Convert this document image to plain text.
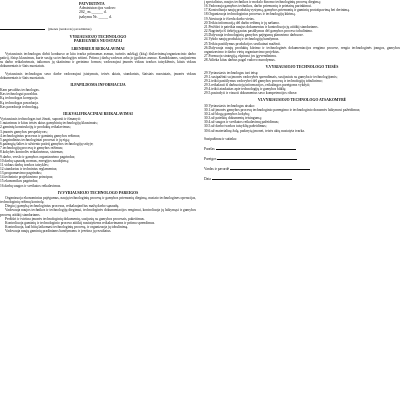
PATVIRTINTA
Administracijos vadovo
202_ m.______ d.
įsakymu Nr. _____ d.
(įmonės (tendrovės) pavadinimas)
VYRIAUSIOJO TECHNOLOGO
PAREIGYBĖS NUOSTATAI
I.BENDRIEJI REIKALAVIMAI

Vyriausiasis technologas dirbti konkurso ar kita tvarka priimamas asmuo, turintis aukštąjį (kitą) išsilavinimą/organizacinio darbo patirtį, išsiųs klausimus, kurie susiję su technologijos sritimi. Priima į darbą vadovas arba jo įgaliotas asmuo. Kandidatams, susijusiems su darbo reikalavimais, taikomos jų skatinimo ir gerinimo formos; vadovaujasi įmonės vidaus tvarkos taisyklėmis, kitais vidaus dokumentais ir šiais nuostatais.

Vyriausiasis technologas savo darbe vadovaujasi įstatymais, teisės aktais, standartais, šiaisiais nuostatais, įmonės vidaus dokumentais ir šiais nuostatais.

II.PAPILDOMA INFORMACIJA

Kam pavaldus technologas.

Kas technologui pavaldus.

Ką technologas koreguoja.

Ką technologas pavaduoja.

Kas pavaduoja technologą.

III.KVALIFIKACINIAI REIKALAVIMAI

Vyriausiasis technologas turi žinoti, suprasti ir išmanyti:

1.nutarimus ir kitus teisės aktus gamybinių technologijų klausimais;

2.gaminių konstrukcijų ir produktų reikalavimus;

3.įmonės gamybos perspektyvas;

4.technologinius procesus ir gaminių gamybos režimus;

5.pagrindinius technologiniai procesai ir jų eigą;

6.pažangią šalies ir užsienio patirtį gamybos technologijų srityje;

7.technologijų procesų ir gamybos režimus;

8.kokybės kontrolės reikalavimus, sistemas;

9.darbo, verslo ir gamybos organizavimo pagrindus;

10.darbų sąnaudų normas, energijos naudojimą;

11.vidaus darbų tvarkos taisykles;

12.standartus ir techninius reglamentus;

13.programavimo pagrindus;

14.techninio projektavimo principus;

15.ekonomikos pagrindus;

16.darbų saugos ir sveikatos reikalavimus.

IV.VYRIAUSIOJO TECHNOLOGO PAREIGOS

Organizuoja ekonominius pajėgumus, naujų technologinių procesų ir gamybos priemonių diegimą, nustato technologines operacijas, technologinių režimų kontrolę.

Diegia į gamybą technologinius procesus, reikalaujančius mažų darbo sąnaudų.

Vadovauja naujos technikos ir technologijų diegimui, technologinės dokumentacijos rengimui, kontroliuoja jų laikymąsi ir gamybos procesų atitiktį standartams.

Peržiūri ir tvirtina įmonės technologinių dokumentų, susijusių su gamybos procesais, pakeitimus.

Kontroliuoja gaminių ir technologinio proceso atitiktį nustatytiems reikalavimams ir priima sprendimus.

Kontroliuoja, kad būtų laikomasi technologinių procesų, ir organizuoja jų tobulinimą.

Vadovauja naujų gaminių pradiniams bandymams ir įvertina jų rezultatus.

į specialistus, naujos technikos ir mokslo žinomo technologinių procesų diegimą;

16.Vadovauja gamybos technikos, darbo priemonių ir prietaisų parinkimui.

17.Kontroliuoja naujų produktų vystymą, gamybos priemonių ir gaminių prototipavimą bei derinimą.

18.Organizuoja technologinius procesus ir technologijų kūrimą.

19.Atestuoja ir išveda darbo vietas.

20.Teikia informaciją dėl darbo režimų ir jų našumo.

21.Peržiūri ir pateikia naujus dokumentus ir kontroliuoja jų atitiktį standartams.

22.Nagrinėja iš tiekėjų gautus pasiūlymus dėl gamybos proceso tobulinimo.

23.Dalyvauja technologinių gamybos pajėgumų planavimo darbuose.

24.Vykdo naujų produktų ir technologijų bandymus.

25.Teikia pasiūlymus produkcijos savikainai mažinti.

26.Dalyvauja naujų produktų kūrimo ir technologinės dokumentacijos rengimo procese, rengia technologinės įrangos, gamybos organizavimo ir darbo vietų organizavimo projektus.

27.Formuoja strategiją, rūpinasi jos įgyvendinimu.

28.Atlieka kitus darbus pagal vadovo nurodymus.

V.VYRIAUSIOJO TECHNOLOGO TEISĖS

29.Vyriausiasis technologas turi teisę:

29.1.susipažinti su įmonės vadovybės sprendimais, susijusiais su gamyba ir technologijomis;

29.2.teikti pasiūlymus vadovybei dėl gamybos procesų ir technologijų tobulinimo;

29.3.reikalauti iš darbuotojų informacijos, reikalingos pareigoms vykdyti;

29.4.teikti ataskaitas apie technologijų ir gamybos būklę;

29.5.pasirašyti ir vizuoti dokumentus savo kompetencijos ribose.

VI.VYRIAUSIOJO TECHNOLOGO ATSAKOMYBĖ

30.Vyriausiasis technologas atsako:

30.1.už įmonės gamybos procesų technologinio parengimo ir technologinio drausmės laikymosi pažeidimus;

30.2.už blogą gamybos kokybę;

30.3.už pateiktų dokumentų teisingumą;

30.4.už saugos ir sveikatos reikalavimų pažeidimus;

30.5.už darbo tvarkos taisyklių pažeidimus;

30.6.už materialinę žalą, padarytą įmonei, teisės aktų nustatyta tvarka.

Susipažinau ir sutinku:
Parašas
Pareigos
Vardas ir pavardė
Data
